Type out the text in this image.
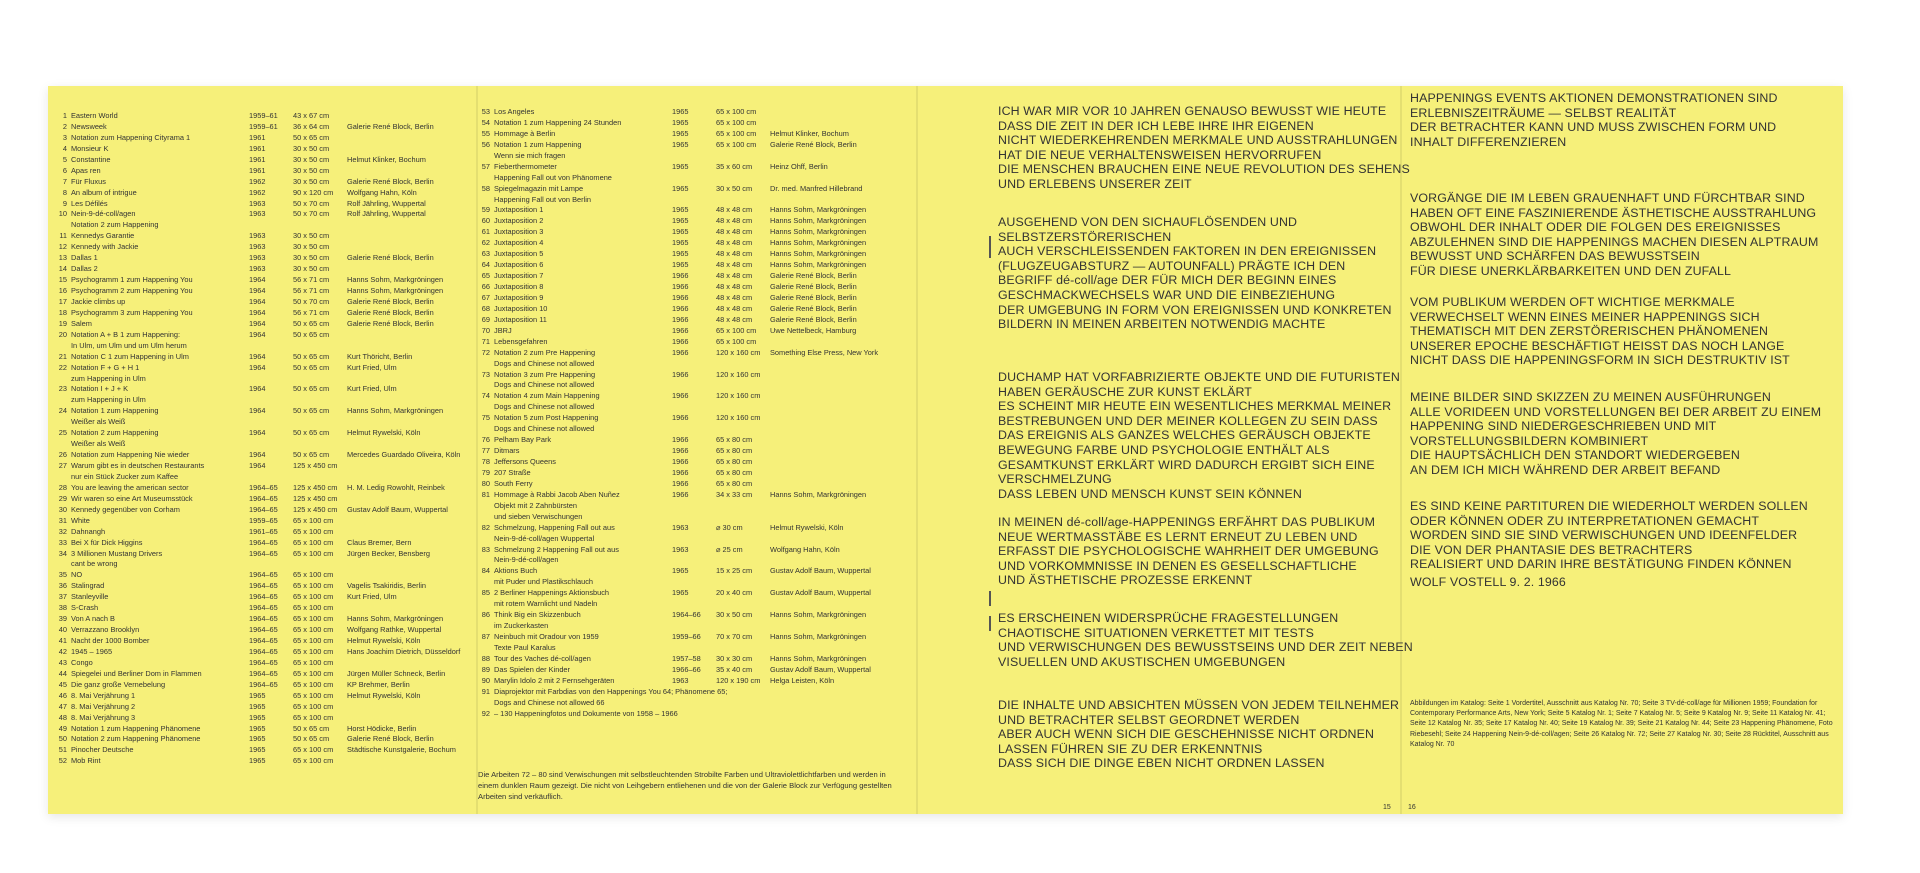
1 Eastern World	1959–61	43 x 67 cm
2 Newsweek	1959–61	36 x 64 cm	Galerie René Block, Berlin
3 Notation zum Happening Cityrama 1	1961	50 x 65 cm
4 Monsieur K	1961	30 x 50 cm
5 Constantine	1961	30 x 50 cm	Helmut Klinker, Bochum
6 Apas ren	1961	30 x 50 cm
7 Für Fluxus	1962	30 x 50 cm	Galerie René Block, Berlin
8 An album of intrigue	1962	90 x 120 cm	Wolfgang Hahn, Köln
9 Les Défilés	1963	50 x 70 cm	Rolf Jährling, Wuppertal
10 Nein-9-dé-coll/agen	1963	50 x 70 cm	Rolf Jährling, Wuppertal
Notation 2 zum Happening
11 Kennedys Garantie	1963	30 x 50 cm
12 Kennedy with Jackie	1963	30 x 50 cm
13 Dallas 1	1963	30 x 50 cm	Galerie René Block, Berlin
14 Dallas 2	1963	30 x 50 cm
15 Psychogramm 1 zum Happening You	1964	56 x 71 cm	Hanns Sohm, Markgröningen
16 Psychogramm 2 zum Happening You	1964	56 x 71 cm	Hanns Sohm, Markgröningen
17 Jackie climbs up	1964	50 x 70 cm	Galerie René Block, Berlin
18 Psychogramm 3 zum Happening You	1964	56 x 71 cm	Galerie René Block, Berlin
19 Salem	1964	50 x 65 cm	Galerie René Block, Berlin
20 Notation A + B 1 zum Happening:	1964	50 x 65 cm
In Ulm, um Ulm und um Ulm herum
21 Notation C 1 zum Happening in Ulm	1964	50 x 65 cm	Kurt Thöricht, Berlin
22 Notation F + G + H 1	1964	50 x 65 cm	Kurt Fried, Ulm
zum Happening in Ulm
23 Notation I + J + K	1964	50 x 65 cm	Kurt Fried, Ulm
zum Happening in Ulm
24 Notation 1 zum Happening	1964	50 x 65 cm	Hanns Sohm, Markgröningen
Weißer als Weiß
25 Notation 2 zum Happening	1964	50 x 65 cm	Helmut Rywelski, Köln
Weißer als Weiß
26 Notation zum Happening Nie wieder	1964	50 x 65 cm	Mercedes Guardado Oliveira, Köln
27 Warum gibt es in deutschen Restaurants	1964	125 x 450 cm
nur ein Stück Zucker zum Kaffee
28 You are leaving the american sector	1964–65	125 x 450 cm	H. M. Ledig Rowohlt, Reinbek
29 Wir waren so eine Art Museumsstück	1964–65	125 x 450 cm
30 Kennedy gegenüber von Corham	1964–65	125 x 450 cm	Gustav Adolf Baum, Wuppertal
31 White	1959–65	65 x 100 cm
32 Dahnangh	1961–65	65 x 100 cm
33 Bei X für Dick Higgins	1964–65	65 x 100 cm	Claus Bremer, Bern
34 3 Millionen Mustang Drivers	1964–65	65 x 100 cm	Jürgen Becker, Bensberg
cant be wrong
35 NO	1964–65	65 x 100 cm
36 Stalingrad	1964–65	65 x 100 cm	Vagelis Tsakiridis, Berlin
37 Stanleyville	1964–65	65 x 100 cm	Kurt Fried, Ulm
38 S-Crash	1964–65	65 x 100 cm
39 Von A nach B	1964–65	65 x 100 cm	Hanns Sohm, Markgröningen
40 Verrazzano Brooklyn	1964–65	65 x 100 cm	Wolfgang Rathke, Wuppertal
41 Nacht der 1000 Bomber	1964–65	65 x 100 cm	Helmut Rywelski, Köln
42 1945 – 1965	1964–65	65 x 100 cm	Hans Joachim Dietrich, Düsseldorf
43 Congo	1964–65	65 x 100 cm
44 Spiegelei und Berliner Dom in Flammen	1964–65	65 x 100 cm	Jürgen Müller Schneck, Berlin
45 Die ganz große Vernebelung	1964–65	65 x 100 cm	KP Brehmer, Berlin
46 8. Mai Verjährung 1	1965	65 x 100 cm	Helmut Rywelski, Köln
47 8. Mai Verjährung 2	1965	65 x 100 cm
48 8. Mai Verjährung 3	1965	65 x 100 cm
49 Notation 1 zum Happening Phänomene	1965	50 x 65 cm	Horst Hödicke, Berlin
50 Notation 2 zum Happening Phänomene	1965	50 x 65 cm	Galerie René Block, Berlin
51 Pinocher Deutsche	1965	65 x 100 cm	Städtische Kunstgalerie, Bochum
52 Mob Rint	1965	65 x 100 cm
53 Los Angeles	1965	65 x 100 cm
54 Notation 1 zum Happening 24 Stunden	1965	65 x 100 cm
55 Hommage à Berlin	1965	65 x 100 cm	Helmut Klinker, Bochum
56 Notation 1 zum Happening	1965	65 x 100 cm	Galerie René Block, Berlin
Wenn sie mich fragen
57 Fieberthermometer	1965	35 x 60 cm	Heinz Ohff, Berlin
Happening Fall out von Phänomene
58 Spiegelmagazin mit Lampe	1965	30 x 50 cm	Dr. med. Manfred Hillebrand
Happening Fall out von Berlin
59 Juxtaposition 1	1965	48 x 48 cm	Hanns Sohm, Markgröningen
60 Juxtaposition 2	1965	48 x 48 cm	Hanns Sohm, Markgröningen
61 Juxtaposition 3	1965	48 x 48 cm	Hanns Sohm, Markgröningen
62 Juxtaposition 4	1965	48 x 48 cm	Hanns Sohm, Markgröningen
63 Juxtaposition 5	1965	48 x 48 cm	Hanns Sohm, Markgröningen
64 Juxtaposition 6	1965	48 x 48 cm	Hanns Sohm, Markgröningen
65 Juxtaposition 7	1966	48 x 48 cm	Galerie René Block, Berlin
66 Juxtaposition 8	1966	48 x 48 cm	Galerie René Block, Berlin
67 Juxtaposition 9	1966	48 x 48 cm	Galerie René Block, Berlin
68 Juxtaposition 10	1966	48 x 48 cm	Galerie René Block, Berlin
69 Juxtaposition 11	1966	48 x 48 cm	Galerie René Block, Berlin
70 JBRJ	1966	65 x 100 cm	Uwe Nettelbeck, Hamburg
71 Lebensgefahren	1966	65 x 100 cm
72 Notation 2 zum Pre Happening	1966	120 x 160 cm	Something Else Press, New York
Dogs and Chinese not allowed
73 Notation 3 zum Pre Happening	1966	120 x 160 cm
Dogs and Chinese not allowed
74 Notation 4 zum Main Happening	1966	120 x 160 cm
Dogs and Chinese not allowed
75 Notation 5 zum Post Happening	1966	120 x 160 cm
Dogs and Chinese not allowed
76 Pelham Bay Park	1966	65 x 80 cm
77 Ditmars	1966	65 x 80 cm
78 Jeffersons Queens	1966	65 x 80 cm
79 207 Straße	1966	65 x 80 cm
80 South Ferry	1966	65 x 80 cm
81 Hommage à Rabbi Jacob Aben Nuñez	1966	34 x 33 cm	Hanns Sohm, Markgröningen
Objekt mit 2 Zahnbürsten
und sieben Verwischungen
82 Schmelzung, Happening Fall out aus	1963	⌀ 30 cm	Helmut Rywelski, Köln
Nein-9-dé-coll/agen Wuppertal
83 Schmelzung 2 Happening Fall out aus	1963	⌀ 25 cm	Wolfgang Hahn, Köln
Nein-9-dé-coll/agen
84 Aktions Buch	1965	15 x 25 cm	Gustav Adolf Baum, Wuppertal
mit Puder und Plastikschlauch
85 2 Berliner Happenings Aktionsbuch	1965	20 x 40 cm	Gustav Adolf Baum, Wuppertal
mit rotem Warnlicht und Nadeln
86 Think Big ein Skizzenbuch	1964–66	30 x 50 cm	Hanns Sohm, Markgröningen
im Zuckerkasten
87 Neinbuch mit Oradour von 1959	1959–66	70 x 70 cm	Hanns Sohm, Markgröningen
Texte Paul Karalus
88 Tour des Vaches dé-coll/agen	1957–58	30 x 30 cm	Hanns Sohm, Markgröningen
89 Das Spielen der Kinder	1966–66	35 x 40 cm	Gustav Adolf Baum, Wuppertal
90 Marylin Idolo 2 mit 2 Fernsehgeräten	1963	120 x 190 cm	Helga Leisten, Köln
91 Diaprojektor mit Farbdias von den Happenings You 64; Phänomene 65;
Dogs and Chinese not allowed 66
92 – 130 Happeningfotos und Dokumente von 1958 – 1966
Die Arbeiten 72 – 80 sind Verwischungen mit selbstleuchtenden Strobilte Farben und Ultraviolettlichtfarben und werden in einem dunklen Raum gezeigt. Die nicht von Leihgebern entliehenen und die von der Galerie Block zur Verfügung gestellten Arbeiten sind verkäuflich.
ICH WAR MIR VOR 10 JAHREN GENAUSO BEWUSST WIE HEUTE
DASS DIE ZEIT IN DER ICH LEBE IHRE IHR EIGENEN
NICHT WIEDERKEHRENDEN MERKMALE UND AUSSTRAHLUNGEN
HAT DIE NEUE VERHALTENSWEISEN HERVORRUFEN
DIE MENSCHEN BRAUCHEN EINE NEUE REVOLUTION DES SEHENS
UND ERLEBENS UNSERER ZEIT
AUSGEHEND VON DEN SICHAUFLÖSENDEN UND
SELBSTZERSTÖRERISCHEN
AUCH VERSCHLEISSENDEN FAKTOREN IN DEN EREIGNISSEN
(FLUGZEUGABSTURZ — AUTOUNFALL) PRÄGTE ICH DEN
BEGRIFF dé-coll/age DER FÜR MICH DER BEGINN EINES
GESCHMACKWECHSELS WAR UND DIE EINBEZIEHUNG
DER UMGEBUNG IN FORM VON EREIGNISSEN UND KONKRETEN
BILDERN IN MEINEN ARBEITEN NOTWENDIG MACHTE
DUCHAMP HAT VORFABRIZIERTE OBJEKTE UND DIE FUTURISTEN
HABEN GERÄUSCHE ZUR KUNST EKLÄRT
ES SCHEINT MIR HEUTE EIN WESENTLICHES MERKMAL MEINER
BESTREBUNGEN UND DER MEINER KOLLEGEN ZU SEIN DASS
DAS EREIGNIS ALS GANZES WELCHES GERÄUSCH OBJEKTE
BEWEGUNG FARBE UND PSYCHOLOGIE ENTHÄLT ALS
GESAMTKUNST ERKLÄRT WIRD DADURCH ERGIBT SICH EINE
VERSCHMELZUNG
DASS LEBEN UND MENSCH KUNST SEIN KÖNNEN
IN MEINEN dé-coll/age-HAPPENINGS ERFÄHRT DAS PUBLIKUM
NEUE WERTMASSTÄBE ES LERNT ERNEUT ZU LEBEN UND
ERFASST DIE PSYCHOLOGISCHE WAHRHEIT DER UMGEBUNG
UND VORKOMMNISSE IN DENEN ES GESELLSCHAFTLICHE
UND ÄSTHETISCHE PROZESSE ERKENNT
ES ERSCHEINEN WIDERSPRÜCHE FRAGESTELLUNGEN
CHAOTISCHE SITUATIONEN VERKETTET MIT TESTS
UND VERWISCHUNGEN DES BEWUSSTSEINS UND DER ZEIT NEBEN
VISUELLEN UND AKUSTISCHEN UMGEBUNGEN
DIE INHALTE UND ABSICHTEN MÜSSEN VON JEDEM TEILNEHMER
UND BETRACHTER SELBST GEORDNET WERDEN
ABER AUCH WENN SICH DIE GESCHEHNISSE NICHT ORDNEN
LASSEN FÜHREN SIE ZU DER ERKENNTNIS
DASS SICH DIE DINGE EBEN NICHT ORDNEN LASSEN
15
HAPPENINGS EVENTS AKTIONEN DEMONSTRATIONEN SIND
ERLEBNISZEITRÄUME — SELBST REALITÄT
DER BETRACHTER KANN UND MUSS ZWISCHEN FORM UND
INHALT DIFFERENZIEREN
VORGÄNGE DIE IM LEBEN GRAUENHAFT UND FÜRCHTBAR SIND
HABEN OFT EINE FASZINIERENDE ÄSTHETISCHE AUSSTRAHLUNG
OBWOHL DER INHALT ODER DIE FOLGEN DES EREIGNISSES
ABZULEHNEN SIND DIE HAPPENINGS MACHEN DIESEN ALPTRAUM
BEWUSST UND SCHÄRFEN DAS BEWUSSTSEIN
FÜR DIESE UNERKLÄRBARKEITEN UND DEN ZUFALL
VOM PUBLIKUM WERDEN OFT WICHTIGE MERKMALE
VERWECHSELT WENN EINES MEINER HAPPENINGS SICH
THEMATISCH MIT DEN ZERSTÖRERISCHEN PHÄNOMENEN
UNSERER EPOCHE BESCHÄFTIGT HEISST DAS NOCH LANGE
NICHT DASS DIE HAPPENINGSFORM IN SICH DESTRUKTIV IST
MEINE BILDER SIND SKIZZEN ZU MEINEN AUSFÜHRUNGEN
ALLE VORIDEEN UND VORSTELLUNGEN BEI DER ARBEIT ZU EINEM
HAPPENING SIND NIEDERGESCHRIEBEN UND MIT
VORSTELLUNGSBILDERN KOMBINIERT
DIE HAUPTSÄCHLICH DEN STANDORT WIEDERGEBEN
AN DEM ICH MICH WÄHREND DER ARBEIT BEFAND
ES SIND KEINE PARTITUREN DIE WIEDERHOLT WERDEN SOLLEN
ODER KÖNNEN ODER ZU INTERPRETATIONEN GEMACHT
WORDEN SIND SIE SIND VERWISCHUNGEN UND IDEENFELDER
DIE VON DER PHANTASIE DES BETRACHTERS
REALISIERT UND DARIN IHRE BESTÄTIGUNG FINDEN KÖNNEN
WOLF VOSTELL 9. 2. 1966
Abbildungen im Katalog: Seite 1 Vordertitel, Ausschnitt aus Katalog Nr. 70; Seite 3 TV-dé-coll/age für Millionen 1959; Foundation for Contemporary Performance Arts, New York; Seite 5 Katalog Nr. 1; Seite 7 Katalog Nr. 5; Seite 9 Katalog Nr. 9; Seite 11 Katalog Nr. 41; Seite 12 Katalog Nr. 35; Seite 17 Katalog Nr. 40; Seite 19 Katalog Nr. 39; Seite 21 Katalog Nr. 44; Seite 23 Happening Phänomene, Foto Riebesehl; Seite 24 Happening Nein-9-dé-coll/agen; Seite 26 Katalog Nr. 72; Seite 27 Katalog Nr. 30; Seite 28 Rücktitel, Ausschnitt aus Katalog Nr. 70
16
